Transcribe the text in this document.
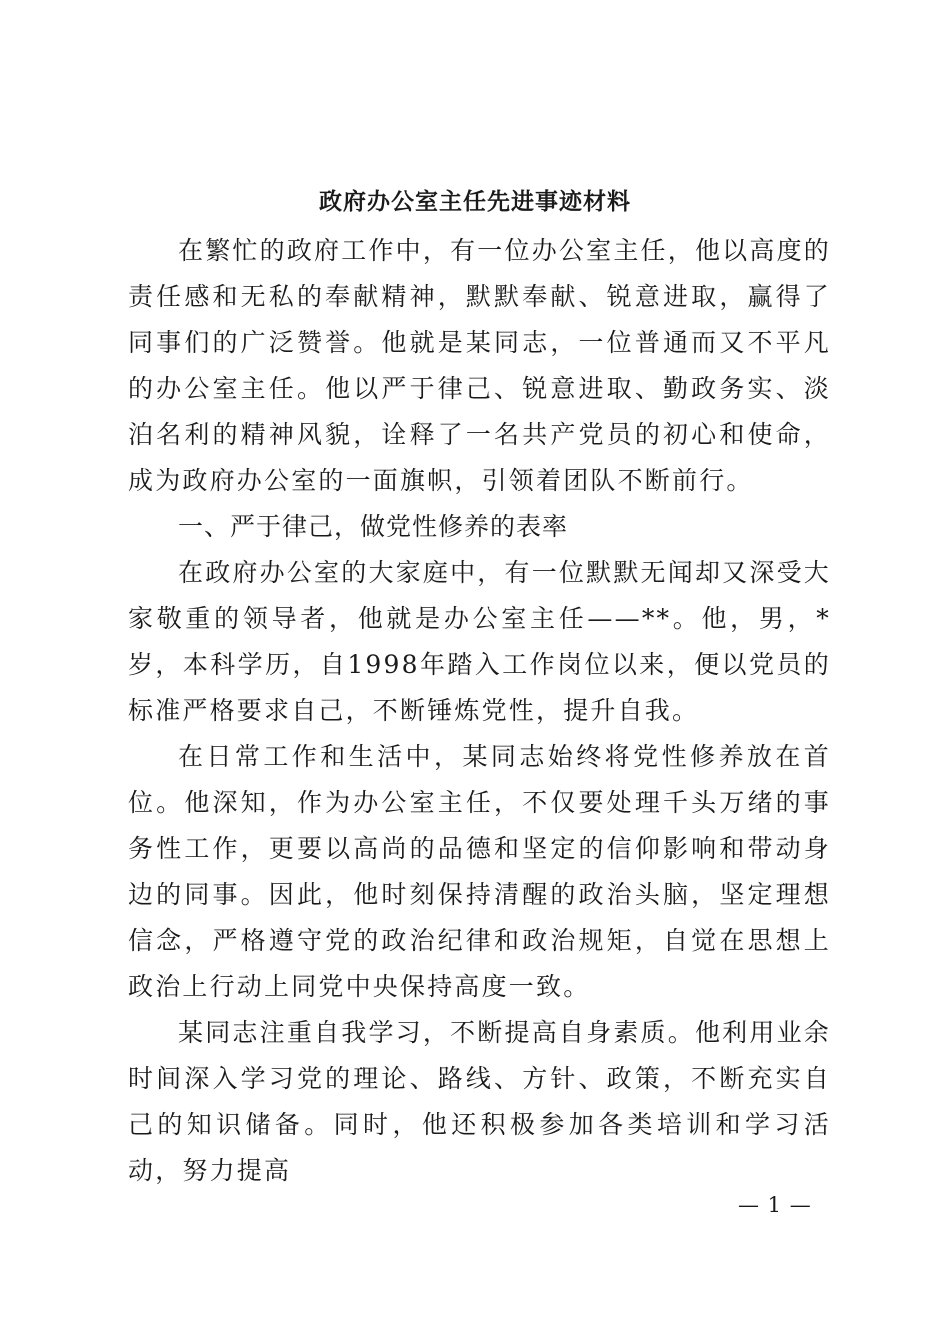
政府办公室主任先进事迹材料

在繁忙的政府工作中，有一位办公室主任，他以高度的责任感和无私的奉献精神，默默奉献、锐意进取，赢得了同事们的广泛赞誉。他就是某同志，一位普通而又不平凡的办公室主任。他以严于律己、锐意进取、勤政务实、淡泊名利的精神风貌，诠释了一名共产党员的初心和使命，成为政府办公室的一面旗帜，引领着团队不断前行。

一、严于律己，做党性修养的表率

在政府办公室的大家庭中，有一位默默无闻却又深受大家敬重的领导者，他就是办公室主任——**。他，男，*岁，本科学历，自1998年踏入工作岗位以来，便以党员的标准严格要求自己，不断锤炼党性，提升自我。

在日常工作和生活中，某同志始终将党性修养放在首位。他深知，作为办公室主任，不仅要处理千头万绪的事务性工作，更要以高尚的品德和坚定的信仰影响和带动身边的同事。因此，他时刻保持清醒的政治头脑，坚定理想信念，严格遵守党的政治纪律和政治规矩，自觉在思想上政治上行动上同党中央保持高度一致。

某同志注重自我学习，不断提高自身素质。他利用业余时间深入学习党的理论、路线、方针、政策，不断充实自己的知识储备。同时，他还积极参加各类培训和学习活动，努力提高

— 1 —
